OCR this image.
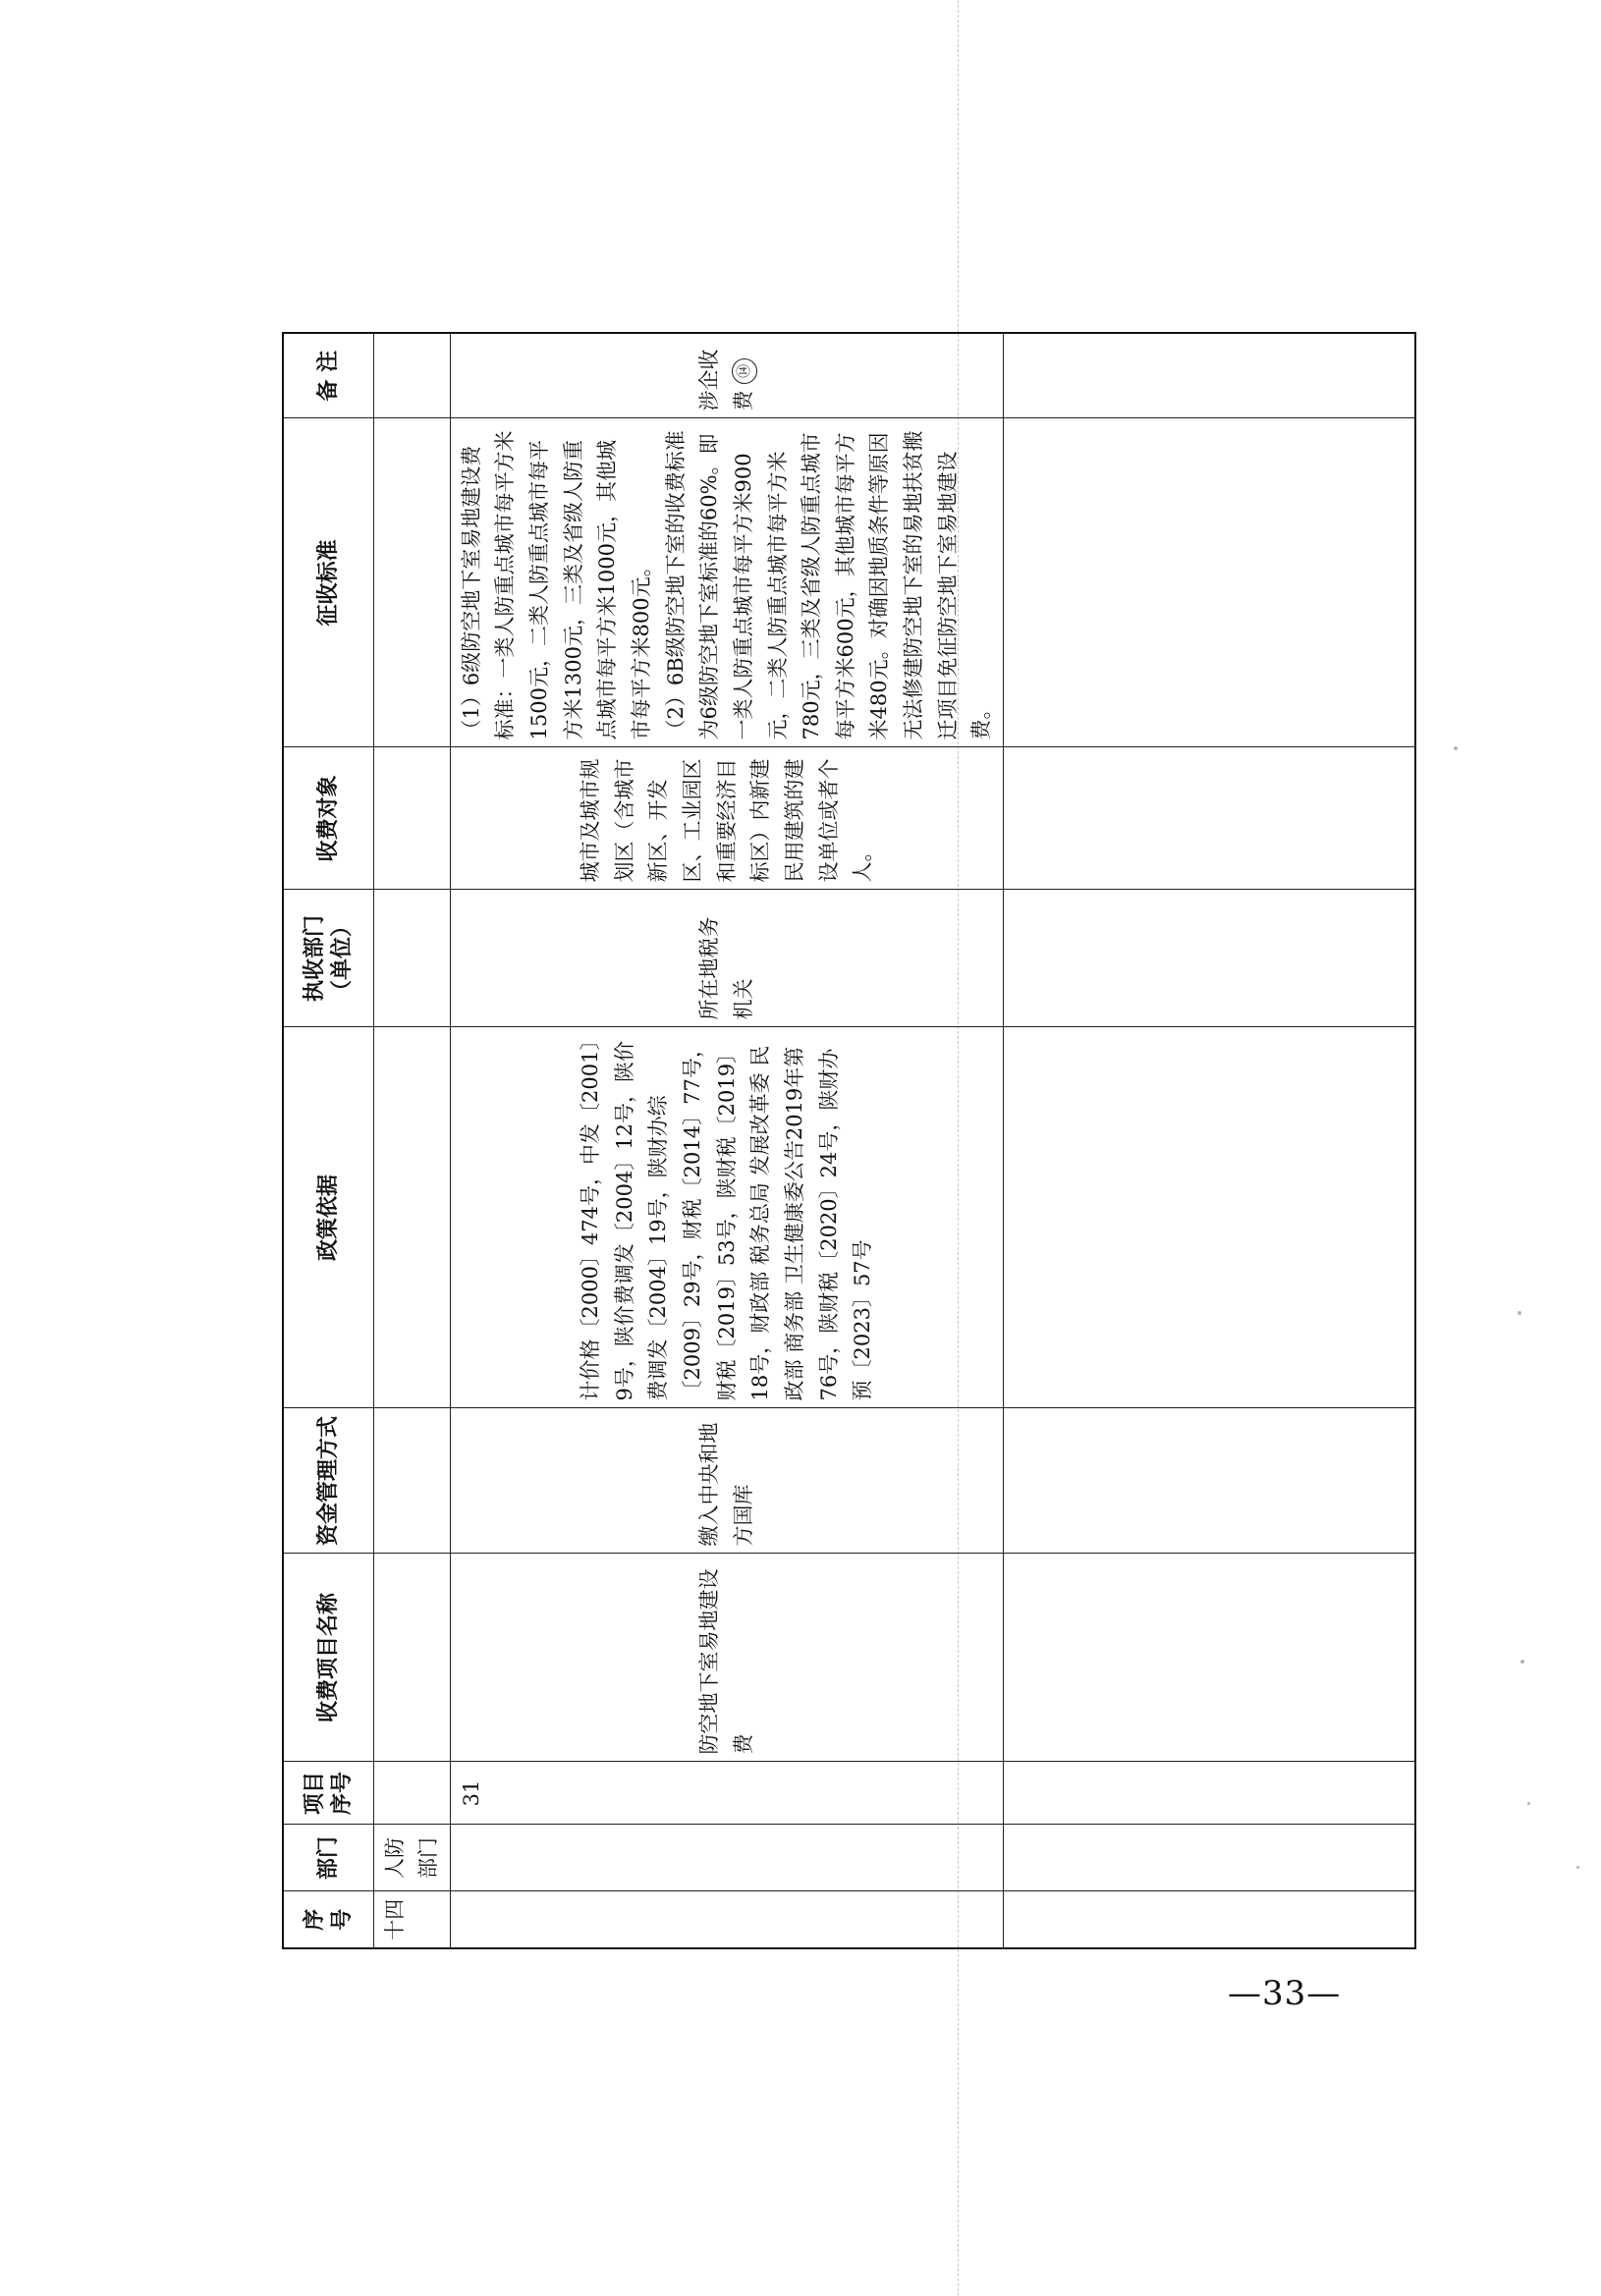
序号	部门	项目序号	收费项目名称	资金管理方式	政策依据	执收部门（单位）	收费对象	征收标准	备 注
十四	人防部门								
		31	防空地下室易地建设费	缴入中央和地方国库	计价格〔2000〕474号，中发〔2001〕9号，陕价费调发〔2004〕12号，陕价费调发〔2004〕19号，陕财办综〔2009〕29号，财税〔2014〕77号，财税〔2019〕53号，陕财税〔2019〕18号，财政部 税务总局 发展改革委 民政部 商务部 卫生健康委公告2019年第76号，陕财税〔2020〕24号，陕财办预〔2023〕57号	所在地税务机关	城市及城市规划区（含城市新区、开发区、工业园区和重要经济目标区）内新建民用建筑的建设单位或者个人。	（1）6级防空地下室易地建设费标准：一类人防重点城市每平方米1500元，二类人防重点城市每平方米1300元，三类及省级人防重点城市每平方米1000元，其他城市每平方米800元。 （2）6B级防空地下室的收费标准为6级防空地下室标准的60%。即一类人防重点城市每平方米900元，二类人防重点城市每平方米780元，三类及省级人防重点城市每平方米600元，其他城市每平方米480元。对确因地质条件等原因无法修建防空地下室的易地扶贫搬迁项目免征防空地下室易地建设费。	涉企收费 ⑭

—33—
